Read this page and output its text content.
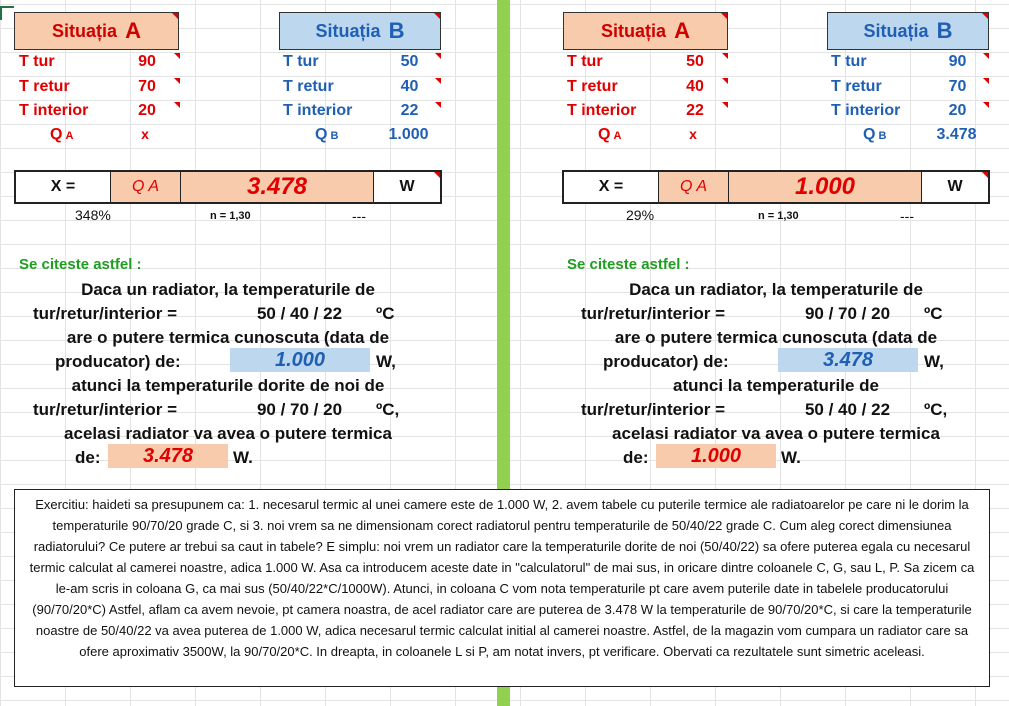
Situația A	Situația B
T tur	90
T retur	70
T interior	20
Q A	x
T tur	50
T retur	40
T interior	22
Q B	1.000
X =	Q A	3.478	W
348%	n = 1,30	---
Se citeste astfel :
Daca un radiator, la temperaturile de
tur/retur/interior =	50 / 40 / 22	ºC
are o putere termica cunoscuta (data de
producator) de:	1.000	W,
atunci la temperaturile dorite de noi de
tur/retur/interior =	90 / 70 / 20	ºC,
acelasi radiator va avea o putere termica
de:	3.478	W.
Situația A	Situația B
T tur	50
T retur	40
T interior	22
Q A	x
T tur	90
T retur	70
T interior	20
Q B	3.478
X =	Q A	1.000	W
29%	n = 1,30	---
Se citeste astfel :
Daca un radiator, la temperaturile de
tur/retur/interior =	90 / 70 / 20	ºC
are o putere termica cunoscuta (data de
producator) de:	3.478	W,
atunci la temperaturile de
tur/retur/interior =	50 / 40 / 22	ºC,
acelasi radiator va avea o putere termica
de:	1.000	W.
Exercitiu: haideti sa presupunem ca: 1. necesarul termic al unei camere este de 1.000 W, 2. avem tabele cu puterile termice ale radiatoarelor pe care ni le dorim la temperaturile 90/70/20 grade C, si 3. noi vrem sa ne dimensionam corect radiatorul pentru temperaturile de 50/40/22 grade C. Cum aleg corect dimensiunea radiatorului? Ce putere ar trebui sa caut in tabele? E simplu: noi vrem un radiator care la temperaturile dorite de noi (50/40/22) sa ofere puterea egala cu necesarul termic calculat al camerei noastre, adica 1.000 W. Asa ca introducem aceste date in "calculatorul" de mai sus, in oricare dintre coloanele C, G, sau L, P. Sa zicem ca le-am scris in coloana G, ca mai sus (50/40/22*C/1000W). Atunci, in coloana C vom nota temperaturile pt care avem puterile date in tabelele producatorului (90/70/20*C) Astfel, aflam ca avem nevoie, pt camera noastra, de acel radiator care are puterea de 3.478 W la temperaturile de 90/70/20*C, si care la temperaturile noastre de 50/40/22 va avea puterea de 1.000 W, adica necesarul termic calculat initial al camerei noastre. Astfel, de la magazin vom cumpara un radiator care sa ofere aproximativ 3500W, la 90/70/20*C. In dreapta, in coloanele L si P, am notat invers, pt verificare. Obervati ca rezultatele sunt simetric aceleasi.
